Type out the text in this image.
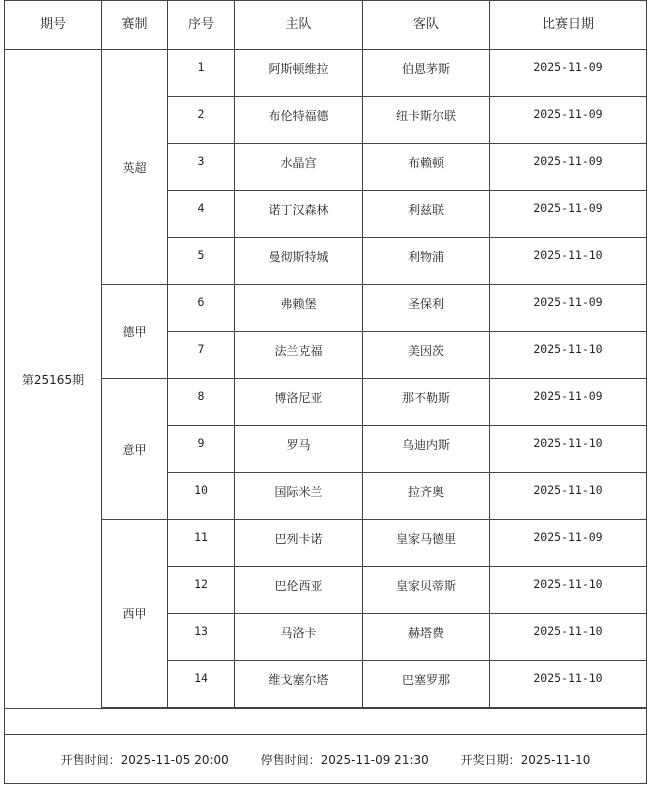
期号	赛制	序号	主队	客队	比赛日期
第25165期	英超	1	阿斯顿维拉	伯恩茅斯	2025-11-09
		2	布伦特福德	纽卡斯尔联	2025-11-09
		3	水晶宫	布赖顿	2025-11-09
		4	诺丁汉森林	利兹联	2025-11-09
		5	曼彻斯特城	利物浦	2025-11-10
	德甲	6	弗赖堡	圣保利	2025-11-09
		7	法兰克福	美因茨	2025-11-10
	意甲	8	博洛尼亚	那不勒斯	2025-11-09
		9	罗马	乌迪内斯	2025-11-10
		10	国际米兰	拉齐奥	2025-11-10
	西甲	11	巴列卡诺	皇家马德里	2025-11-09
		12	巴伦西亚	皇家贝蒂斯	2025-11-10
		13	马洛卡	赫塔费	2025-11-10
		14	维戈塞尔塔	巴塞罗那	2025-11-10

开售时间：2025-11-05 20:00 停售时间：2025-11-09 21:30 开奖日期：2025-11-10					
